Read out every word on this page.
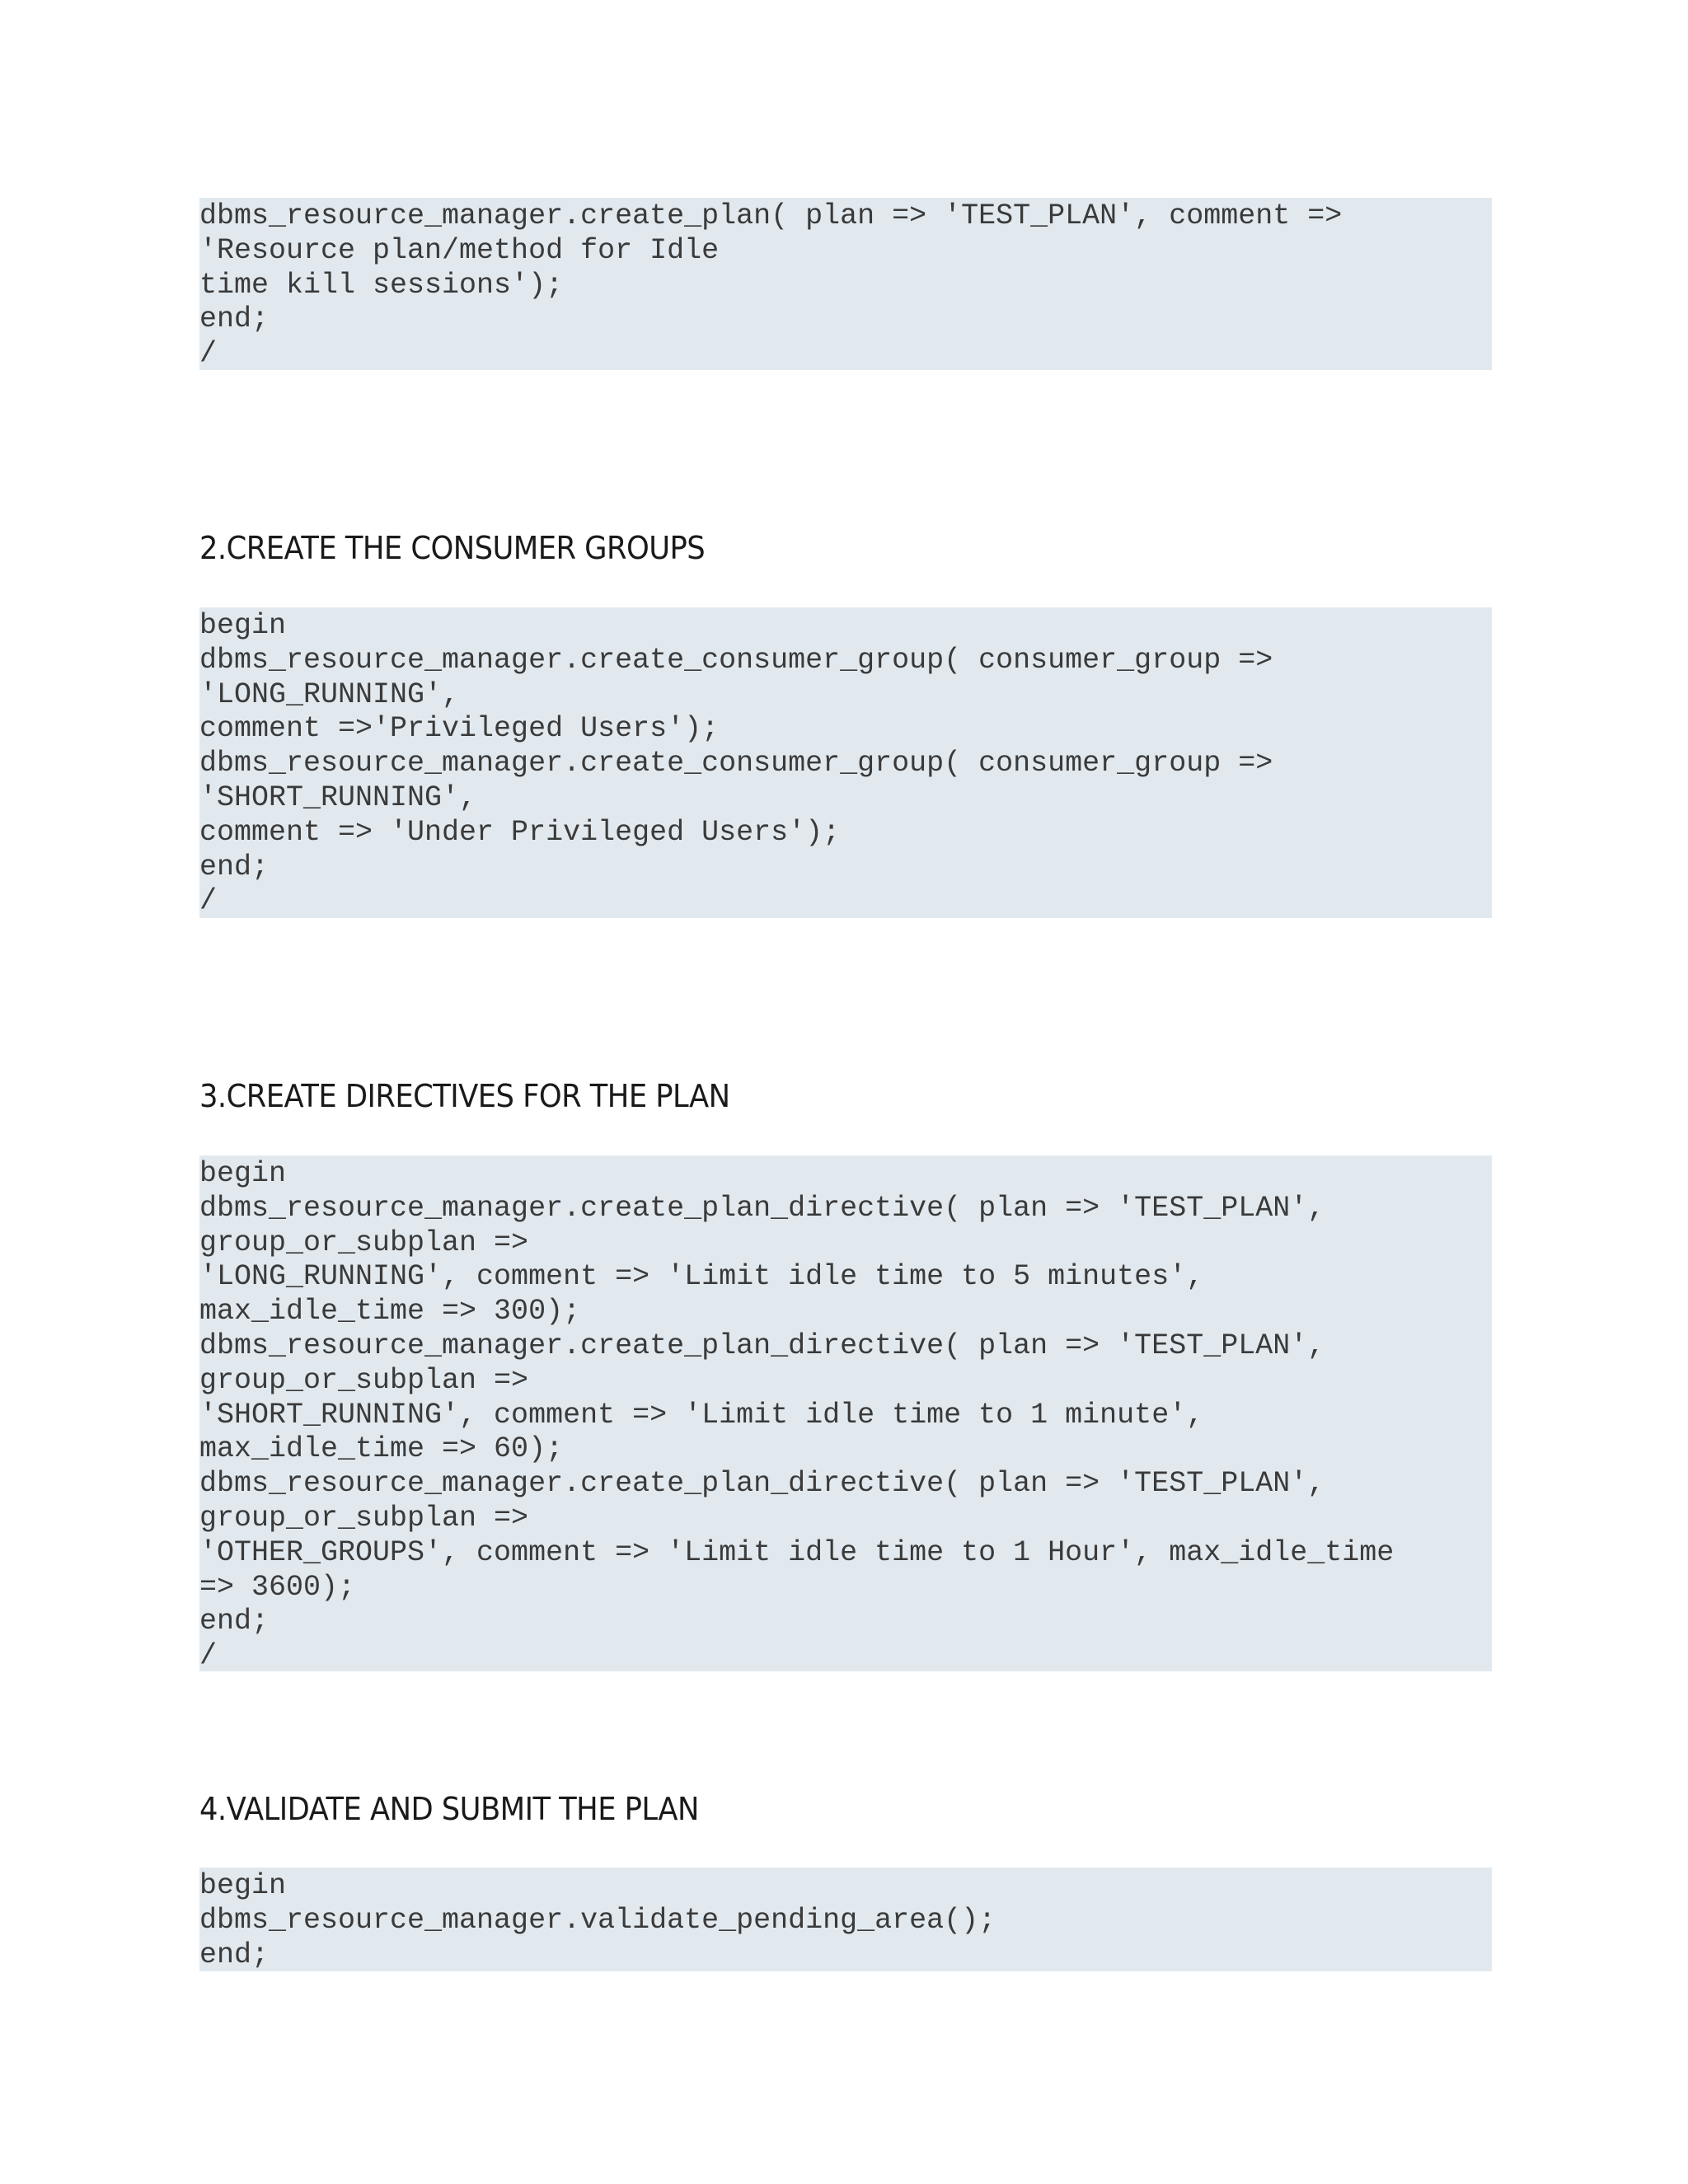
dbms_resource_manager.create_plan( plan => 'TEST_PLAN', comment =>
'Resource plan/method for Idle
time kill sessions');
end;
/
2.CREATE THE CONSUMER GROUPS
begin
dbms_resource_manager.create_consumer_group( consumer_group =>
'LONG_RUNNING',
comment =>'Privileged Users');
dbms_resource_manager.create_consumer_group( consumer_group =>
'SHORT_RUNNING',
comment => 'Under Privileged Users');
end;
/
3.CREATE DIRECTIVES FOR THE PLAN
begin
dbms_resource_manager.create_plan_directive( plan => 'TEST_PLAN',
group_or_subplan =>
'LONG_RUNNING', comment => 'Limit idle time to 5 minutes',
max_idle_time => 300);
dbms_resource_manager.create_plan_directive( plan => 'TEST_PLAN',
group_or_subplan =>
'SHORT_RUNNING', comment => 'Limit idle time to 1 minute',
max_idle_time => 60);
dbms_resource_manager.create_plan_directive( plan => 'TEST_PLAN',
group_or_subplan =>
'OTHER_GROUPS', comment => 'Limit idle time to 1 Hour', max_idle_time
=> 3600);
end;
/
4.VALIDATE AND SUBMIT THE PLAN
begin
dbms_resource_manager.validate_pending_area();
end;
